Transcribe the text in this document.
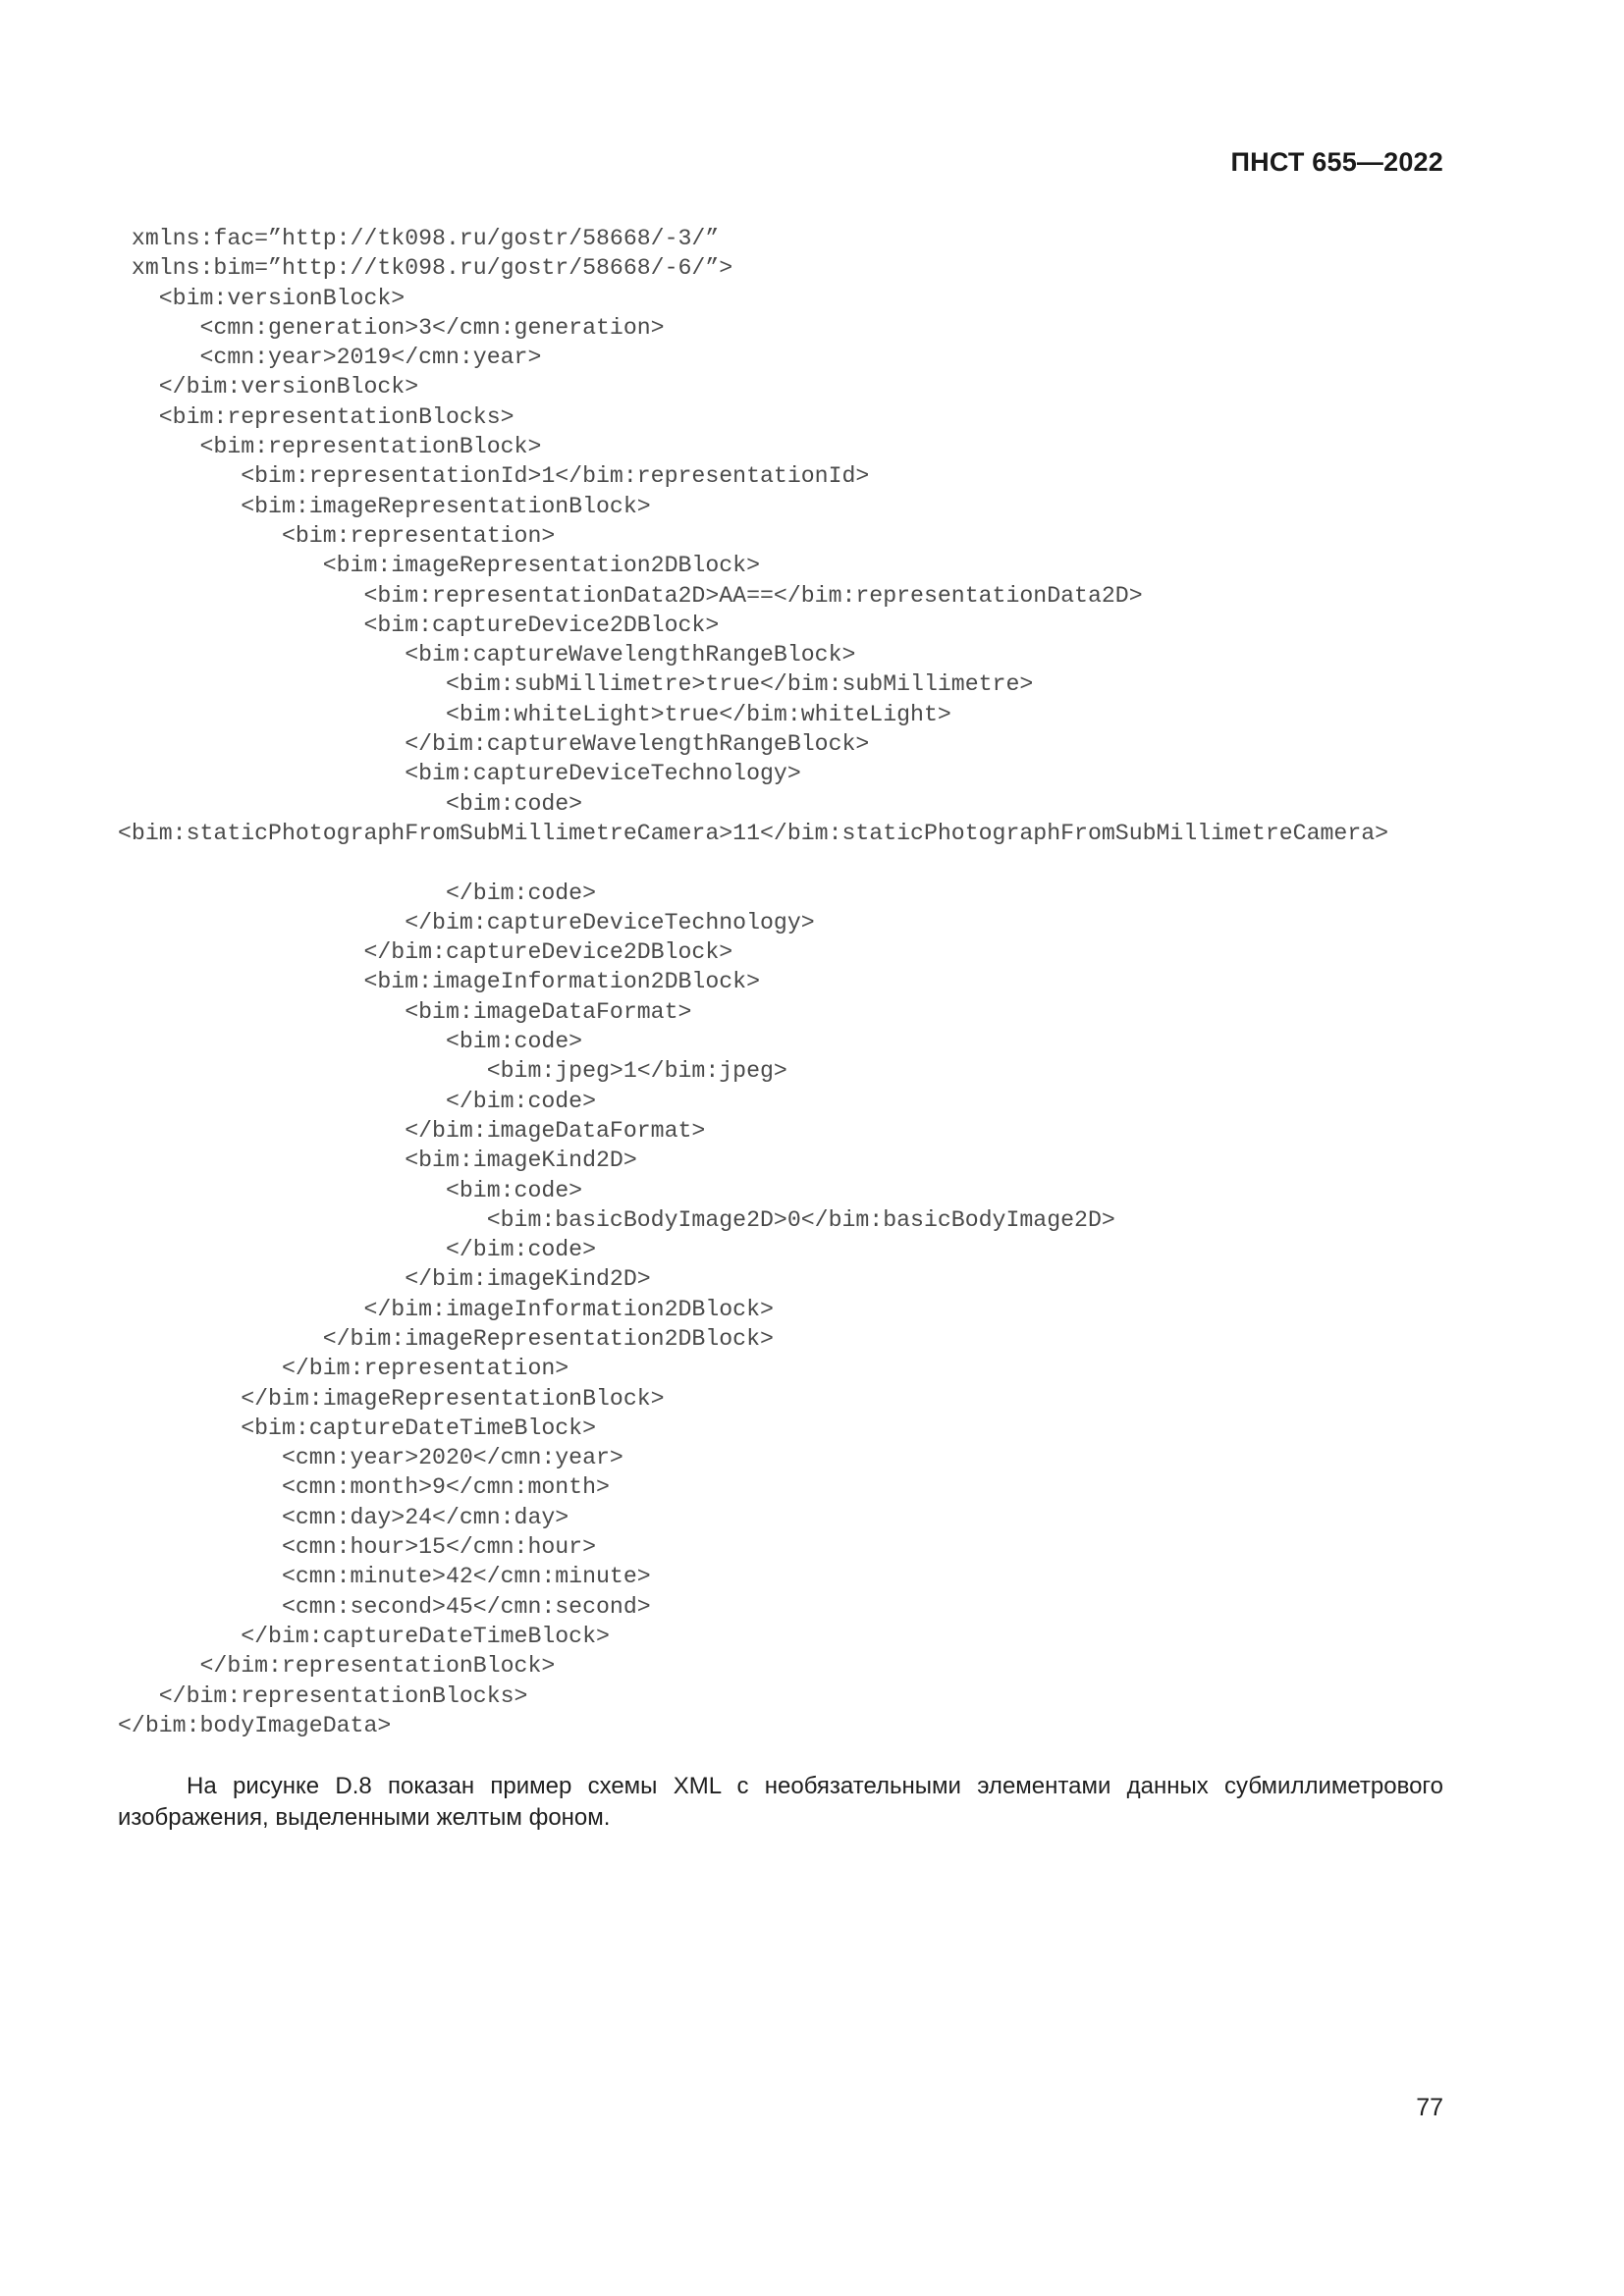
ПНСТ 655—2022
xmlns:fac=”http://tk098.ru/gostr/58668/-3/”
xmlns:bim=”http://tk098.ru/gostr/58668/-6/”>
<bim:versionBlock>
<cmn:generation>3</cmn:generation>
<cmn:year>2019</cmn:year>
</bim:versionBlock>
<bim:representationBlocks>
<bim:representationBlock>
<bim:representationId>1</bim:representationId>
<bim:imageRepresentationBlock>
<bim:representation>
<bim:imageRepresentation2DBlock>
<bim:representationData2D>AA==</bim:representationData2D>
<bim:captureDevice2DBlock>
<bim:captureWavelengthRangeBlock>
<bim:subMillimetre>true</bim:subMillimetre>
<bim:whiteLight>true</bim:whiteLight>
</bim:captureWavelengthRangeBlock>
<bim:captureDeviceTechnology>
<bim:code>
<bim:staticPhotographFromSubMillimetreCamera>11</bim:staticPhotographFromSubMillimetreCamera>
</bim:code>
</bim:captureDeviceTechnology>
</bim:captureDevice2DBlock>
<bim:imageInformation2DBlock>
<bim:imageDataFormat>
<bim:code>
<bim:jpeg>1</bim:jpeg>
</bim:code>
</bim:imageDataFormat>
<bim:imageKind2D>
<bim:code>
<bim:basicBodyImage2D>0</bim:basicBodyImage2D>
</bim:code>
</bim:imageKind2D>
</bim:imageInformation2DBlock>
</bim:imageRepresentation2DBlock>
</bim:representation>
</bim:imageRepresentationBlock>
<bim:captureDateTimeBlock>
<cmn:year>2020</cmn:year>
<cmn:month>9</cmn:month>
<cmn:day>24</cmn:day>
<cmn:hour>15</cmn:hour>
<cmn:minute>42</cmn:minute>
<cmn:second>45</cmn:second>
</bim:captureDateTimeBlock>
</bim:representationBlock>
</bim:representationBlocks>
</bim:bodyImageData>

На рисунке D.8 показан пример схемы XML с необязательными элементами данных субмиллиметрового изображения, выделенными желтым фоном.

77
